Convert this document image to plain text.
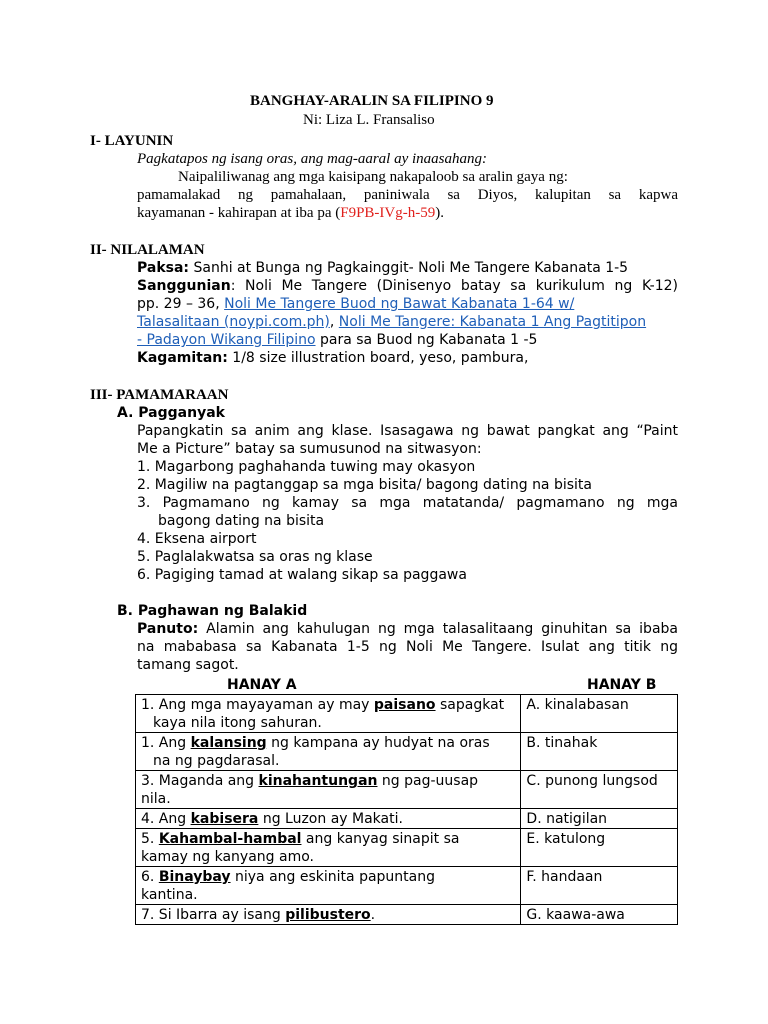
BANGHAY-ARALIN SA FILIPINO 9
Ni: Liza L. Fransaliso
I- LAYUNIN
Pagkatapos ng isang oras, ang mag-aaral ay inaasahang:
Naipaliliwanag ang mga kaisipang nakapaloob sa aralin gaya ng:
pamamalakad ng pamahalaan, paniniwala sa Diyos, kalupitan sa kapwa
kayamanan - kahirapan at iba pa (F9PB-IVg-h-59).
II- NILALAMAN
Paksa: Sanhi at Bunga ng Pagkainggit- Noli Me Tangere Kabanata 1-5
Sanggunian: Noli Me Tangere (Dinisenyo batay sa kurikulum ng K-12)
pp. 29 – 36, Noli Me Tangere Buod ng Bawat Kabanata 1-64 w/
Talasalitaan (noypi.com.ph), Noli Me Tangere: Kabanata 1 Ang Pagtitipon
- Padayon Wikang Filipino para sa Buod ng Kabanata 1 -5
Kagamitan: 1/8 size illustration board, yeso, pambura,
III- PAMAMARAAN
A. Pagganyak
Papangkatin sa anim ang klase. Isasagawa ng bawat pangkat ang “Paint
Me a Picture” batay sa sumusunod na sitwasyon:
1. Magarbong paghahanda tuwing may okasyon
2. Magiliw na pagtanggap sa mga bisita/ bagong dating na bisita
3. Pagmamano ng kamay sa mga matatanda/ pagmamano ng mga
bagong dating na bisita
4. Eksena airport
5. Paglalakwatsa sa oras ng klase
6. Pagiging tamad at walang sikap sa paggawa
B. Paghawan ng Balakid
Panuto: Alamin ang kahulugan ng mga talasalitaang ginuhitan sa ibaba
na mababasa sa Kabanata 1-5 ng Noli Me Tangere. Isulat ang titik ng
tamang sagot.
HANAY A	HANAY B
1. Ang mga mayayaman ay may paisano sapagkat
kaya nila itong sahuran.	A. kinalabasan
1. Ang kalansing ng kampana ay hudyat na oras
na ng pagdarasal.	B. tinahak
3. Maganda ang kinahantungan ng pag-uusap
nila.	C. punong lungsod
4. Ang kabisera ng Luzon ay Makati.	D. natigilan
5. Kahambal-hambal ang kanyag sinapit sa
kamay ng kanyang amo.	E. katulong
6. Binaybay niya ang eskinita papuntang
kantina.	F. handaan
7. Si Ibarra ay isang pilibustero.	G. kaawa-awa
